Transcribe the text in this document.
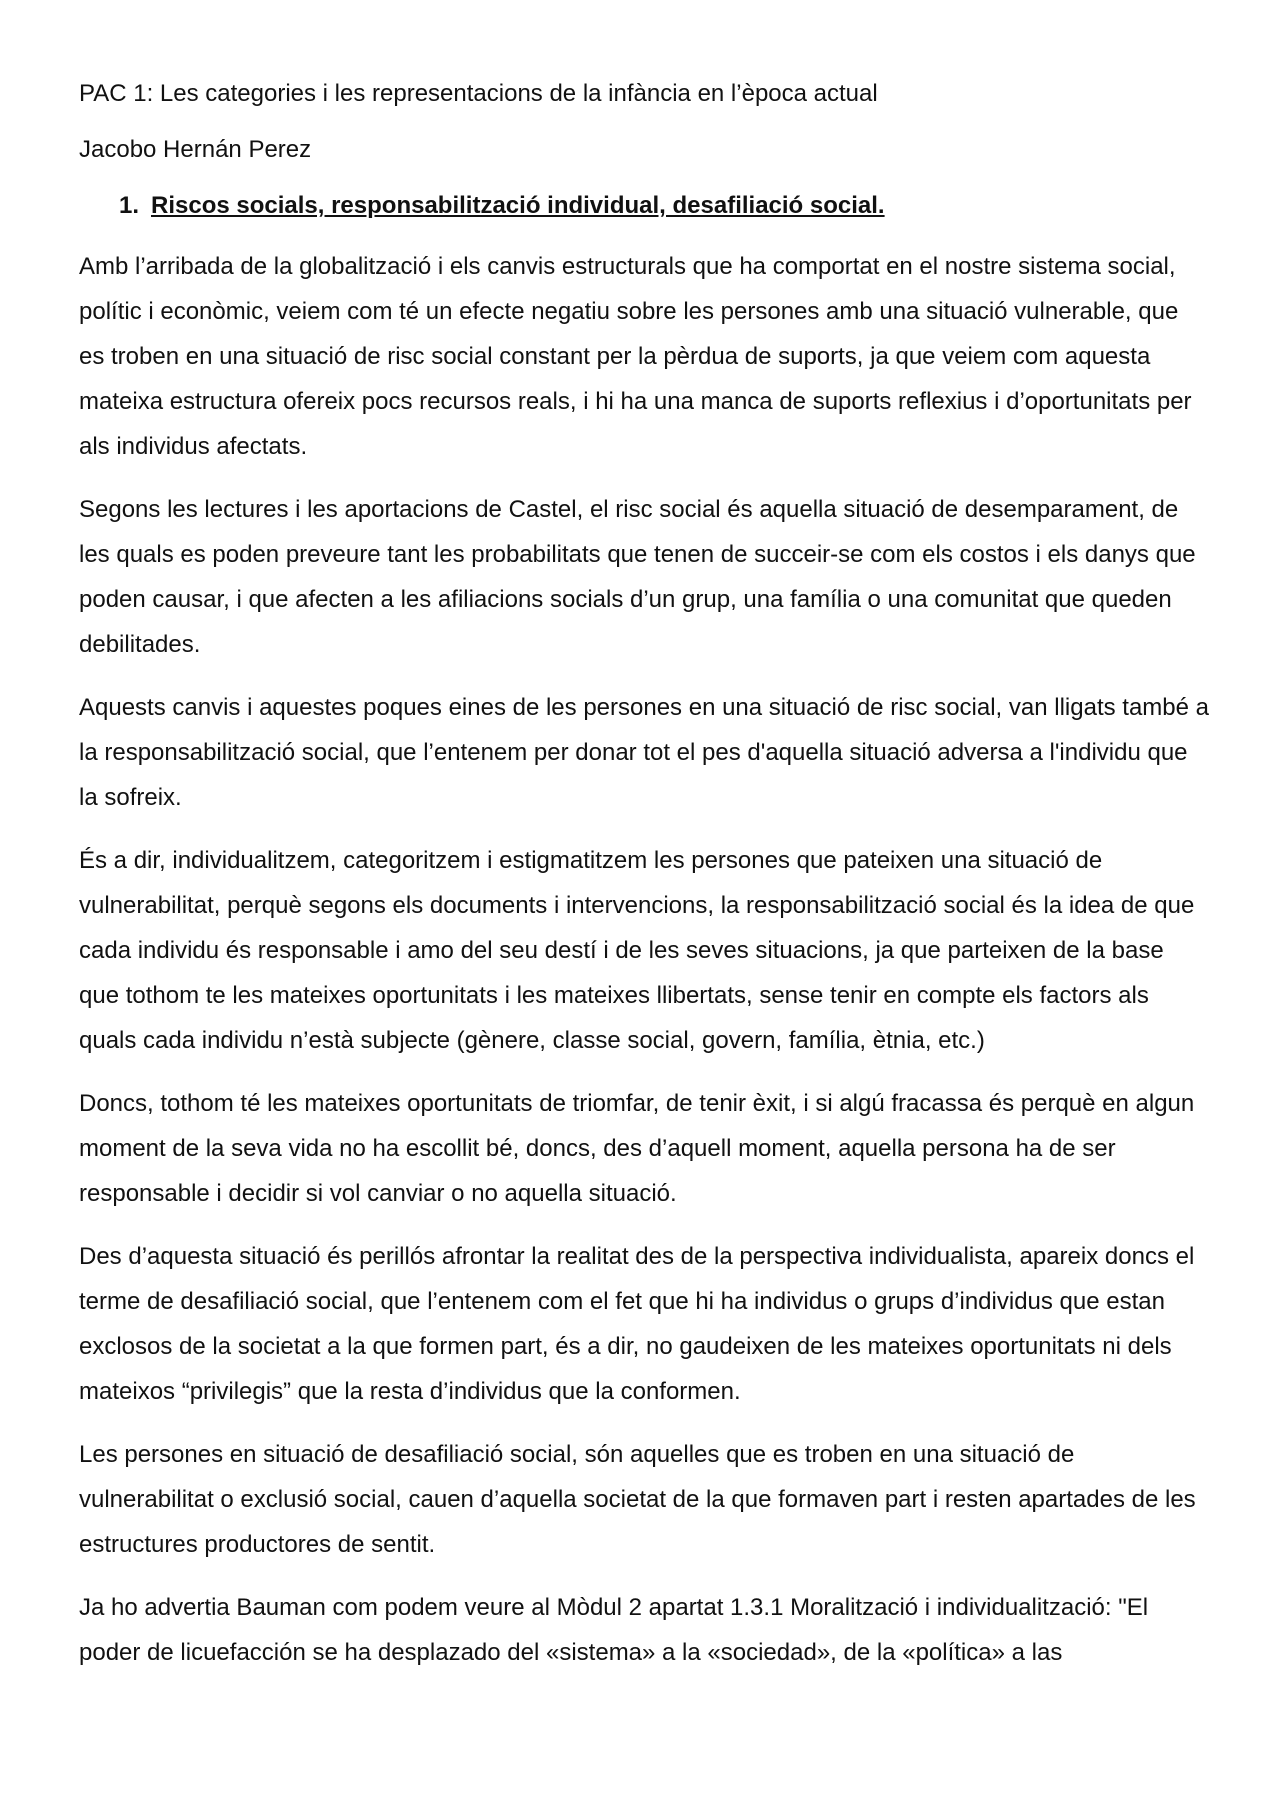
PAC 1: Les categories i les representacions de la infància en l’època actual

Jacobo Hernán Perez

1. Riscos socials, responsabilització individual, desafiliació social.

Amb l’arribada de la globalització i els canvis estructurals que ha comportat en el nostre sistema social, polític i econòmic, veiem com té un efecte negatiu sobre les persones amb una situació vulnerable, que es troben en una situació de risc social constant per la pèrdua de suports, ja que veiem com aquesta mateixa estructura ofereix pocs recursos reals, i hi ha una manca de suports reflexius i d’oportunitats per als individus afectats.

Segons les lectures i les aportacions de Castel, el risc social és aquella situació de desemparament, de les quals es poden preveure tant les probabilitats que tenen de succeir-se com els costos i els danys que poden causar, i que afecten a les afiliacions socials d’un grup, una família o una comunitat que queden debilitades.

Aquests canvis i aquestes poques eines de les persones en una situació de risc social, van lligats també a la responsabilització social, que l’entenem per donar tot el pes d'aquella situació adversa a l'individu que la sofreix.

És a dir, individualitzem, categoritzem i estigmatitzem les persones que pateixen una situació de vulnerabilitat, perquè segons els documents i intervencions, la responsabilització social és la idea de que cada individu és responsable i amo del seu destí i de les seves situacions, ja que parteixen de la base que tothom te les mateixes oportunitats i les mateixes llibertats, sense tenir en compte els factors als quals cada individu n’està subjecte (gènere, classe social, govern, família, ètnia, etc.)

Doncs, tothom té les mateixes oportunitats de triomfar, de tenir èxit, i si algú fracassa és perquè en algun moment de la seva vida no ha escollit bé, doncs, des d’aquell moment, aquella persona ha de ser responsable i decidir si vol canviar o no aquella situació.

Des d’aquesta situació és perillós afrontar la realitat des de la perspectiva individualista, apareix doncs el terme de desafiliació social, que l’entenem com el fet que hi ha individus o grups d’individus que estan exclosos de la societat a la que formen part, és a dir, no gaudeixen de les mateixes oportunitats ni dels mateixos “privilegis” que la resta d’individus que la conformen.

Les persones en situació de desafiliació social, són aquelles que es troben en una situació de vulnerabilitat o exclusió social, cauen d’aquella societat de la que formaven part i resten apartades de les estructures productores de sentit.

Ja ho advertia Bauman com podem veure al Mòdul 2 apartat 1.3.1 Moralització i individualització: "El poder de licuefacción se ha desplazado del «sistema» a la «sociedad», de la «política» a las
